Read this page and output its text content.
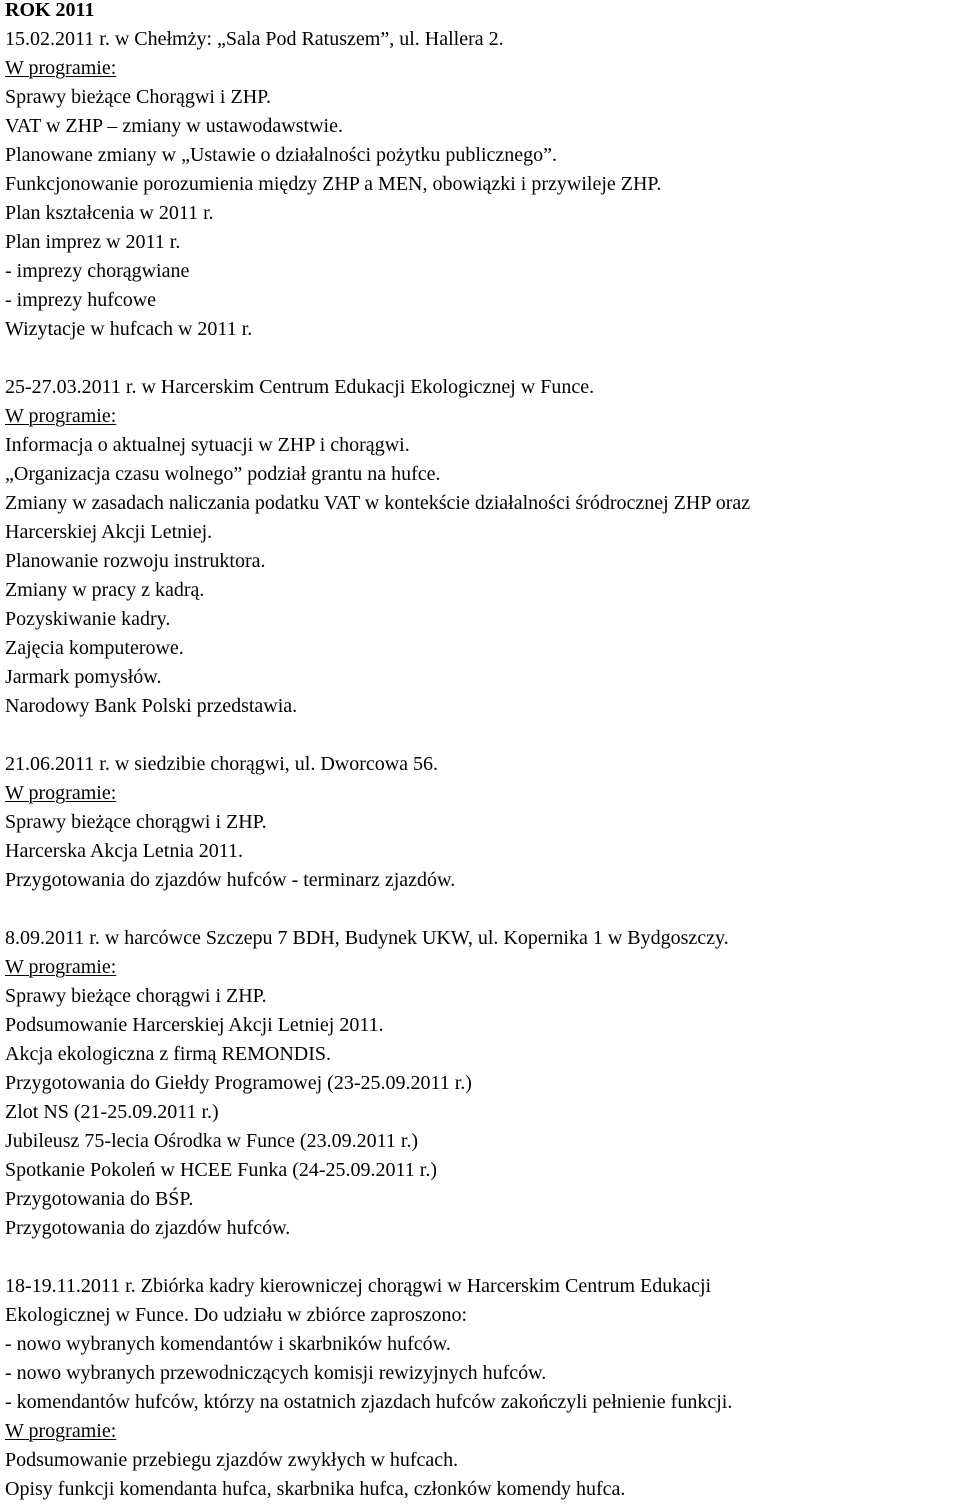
ROK 2011
15.02.2011 r. w Chełmży: „Sala Pod Ratuszem”, ul. Hallera 2.
W programie:
Sprawy bieżące Chorągwi i ZHP.
VAT w ZHP – zmiany w ustawodawstwie.
Planowane zmiany w „Ustawie o działalności pożytku publicznego”.
Funkcjonowanie porozumienia między ZHP a MEN, obowiązki i przywileje ZHP.
Plan kształcenia w 2011 r.
Plan imprez w 2011 r.
- imprezy chorągwiane
- imprezy hufcowe
Wizytacje w hufcach w 2011 r.
25-27.03.2011 r. w Harcerskim Centrum Edukacji Ekologicznej w Funce.
W programie:
Informacja o aktualnej sytuacji w ZHP i chorągwi.
„Organizacja czasu wolnego” podział grantu na hufce.
Zmiany w zasadach naliczania podatku VAT w kontekście działalności śródrocznej ZHP oraz
Harcerskiej Akcji Letniej.
Planowanie rozwoju instruktora.
Zmiany w pracy z kadrą.
Pozyskiwanie kadry.
Zajęcia komputerowe.
Jarmark pomysłów.
Narodowy Bank Polski przedstawia.
21.06.2011 r. w siedzibie chorągwi, ul. Dworcowa 56.
W programie:
Sprawy bieżące chorągwi i ZHP.
Harcerska Akcja Letnia 2011.
Przygotowania do zjazdów hufców - terminarz zjazdów.
8.09.2011 r. w harcówce Szczepu 7 BDH, Budynek UKW, ul. Kopernika 1 w Bydgoszczy.
W programie:
Sprawy bieżące chorągwi i ZHP.
Podsumowanie Harcerskiej Akcji Letniej 2011.
Akcja ekologiczna z firmą REMONDIS.
Przygotowania do Giełdy Programowej (23-25.09.2011 r.)
Zlot NS (21-25.09.2011 r.)
Jubileusz 75-lecia Ośrodka w Funce (23.09.2011 r.)
Spotkanie Pokoleń w HCEE Funka (24-25.09.2011 r.)
Przygotowania do BŚP.
Przygotowania do zjazdów hufców.
18-19.11.2011 r. Zbiórka kadry kierowniczej chorągwi w Harcerskim Centrum Edukacji
Ekologicznej w Funce. Do udziału w zbiórce zaproszono:
- nowo wybranych komendantów i skarbników hufców.
- nowo wybranych przewodniczących komisji rewizyjnych hufców.
- komendantów hufców, którzy na ostatnich zjazdach hufców zakończyli pełnienie funkcji.
W programie:
Podsumowanie przebiegu zjazdów zwykłych w hufcach.
Opisy funkcji komendanta hufca, skarbnika hufca, członków komendy hufca.
